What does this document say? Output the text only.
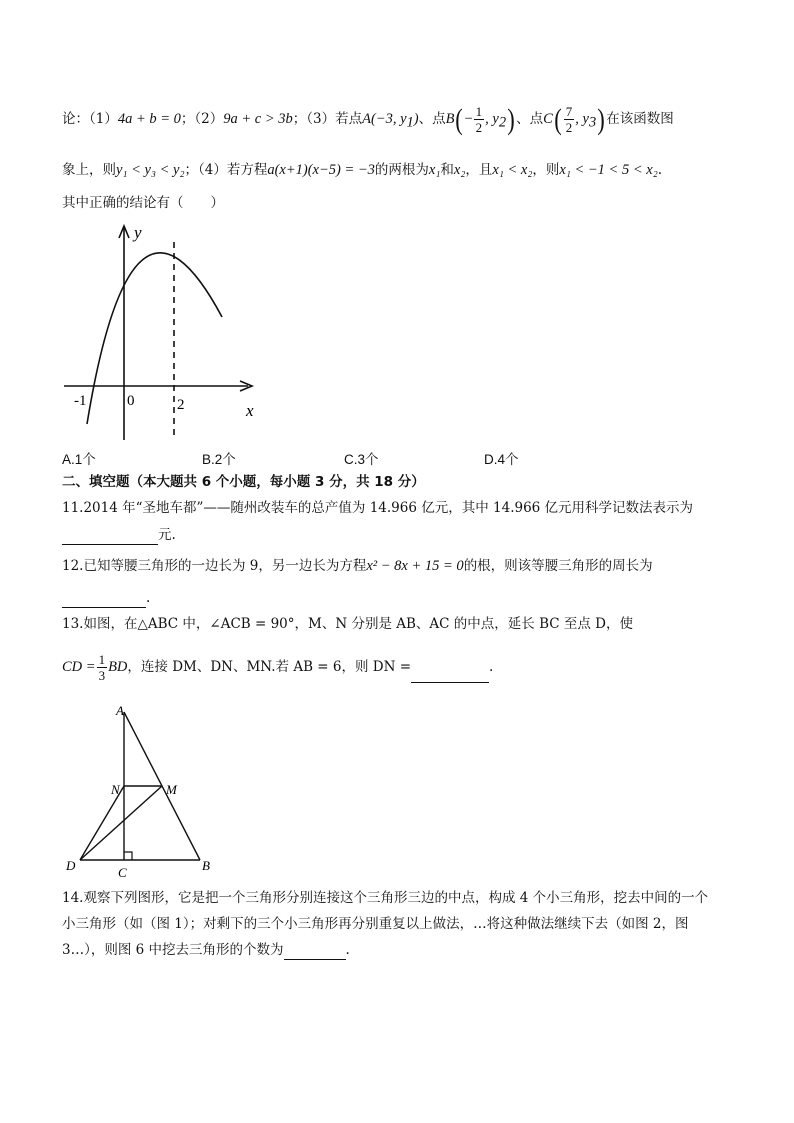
论：（1）4a + b = 0；（2）9a + c > 3b；（3）若点A(−3, $y_1$)、点$B(- \frac{1}{2}$ , $y_2$)、点$C( \frac{7}{2}$ , $y_3$)在该函数图
象上，则y₁ < y₃ < y₂；（4）若方程a(x+1)(x−5) = −3的两根为x₁和x₂，且x₁ < x₂，则x₁ < −1 < 5 < x₂.
其中正确的结论有（　　）
y
x
-1	0	2
A.1个	B.2个	C.3个	D.4个
二、填空题（本大题共 6 个小题，每小题 3 分，共 18 分）
11.2014 年“圣地车都”——随州改装车的总产值为 14.966 亿元，其中 14.966 亿元用科学记数法表示为
元.
12.已知等腰三角形的一边长为 9，另一边长为方程x² − 8x + 15 = 0的根，则该等腰三角形的周长为
.
13.如图，在△ABC 中，∠ACB = 90°，M、N 分别是 AB、AC 的中点，延长 BC 至点 D，使
CD = $\frac{1}{3}$ BD，连接 DM、DN、MN.若 AB = 6，则 DN =	.
A
N	M
D	C	B
14.观察下列图形，它是把一个三角形分别连接这个三角形三边的中点，构成 4 个小三角形，挖去中间的一个
小三角形（如（图 1）；对剩下的三个小三角形再分别重复以上做法，…将这种做法继续下去（如图 2，图
3…），则图 6 中挖去三角形的个数为	.
